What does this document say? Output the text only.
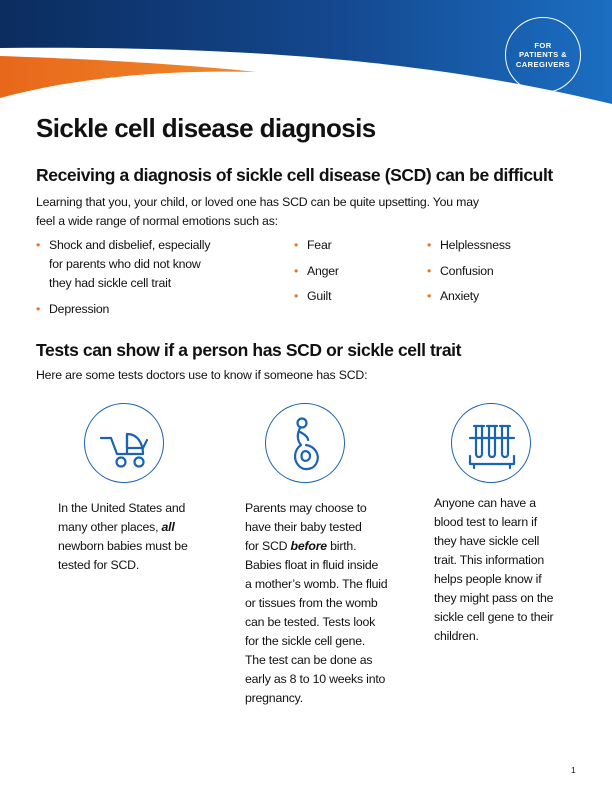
FOR
PATIENTS &
CAREGIVERS
Sickle cell disease diagnosis
Receiving a diagnosis of sickle cell disease (SCD) can be difficult

Learning that you, your child, or loved one has SCD can be quite upsetting. You may
feel a wide range of normal emotions such as:

• Shock and disbelief, especially
for parents who did not know
they had sickle cell trait
• Depression
• Fear
• Anger
• Guilt
• Helplessness
• Confusion
• Anxiety
Tests can show if a person has SCD or sickle cell trait

Here are some tests doctors use to know if someone has SCD:

In the United States and
many other places, all
newborn babies must be
tested for SCD.

Parents may choose to
have their baby tested
for SCD before birth.
Babies float in fluid inside
a mother’s womb. The fluid
or tissues from the womb
can be tested. Tests look
for the sickle cell gene.
The test can be done as
early as 8 to 10 weeks into
pregnancy.

Anyone can have a
blood test to learn if
they have sickle cell
trait. This information
helps people know if
they might pass on the
sickle cell gene to their
children.

1
